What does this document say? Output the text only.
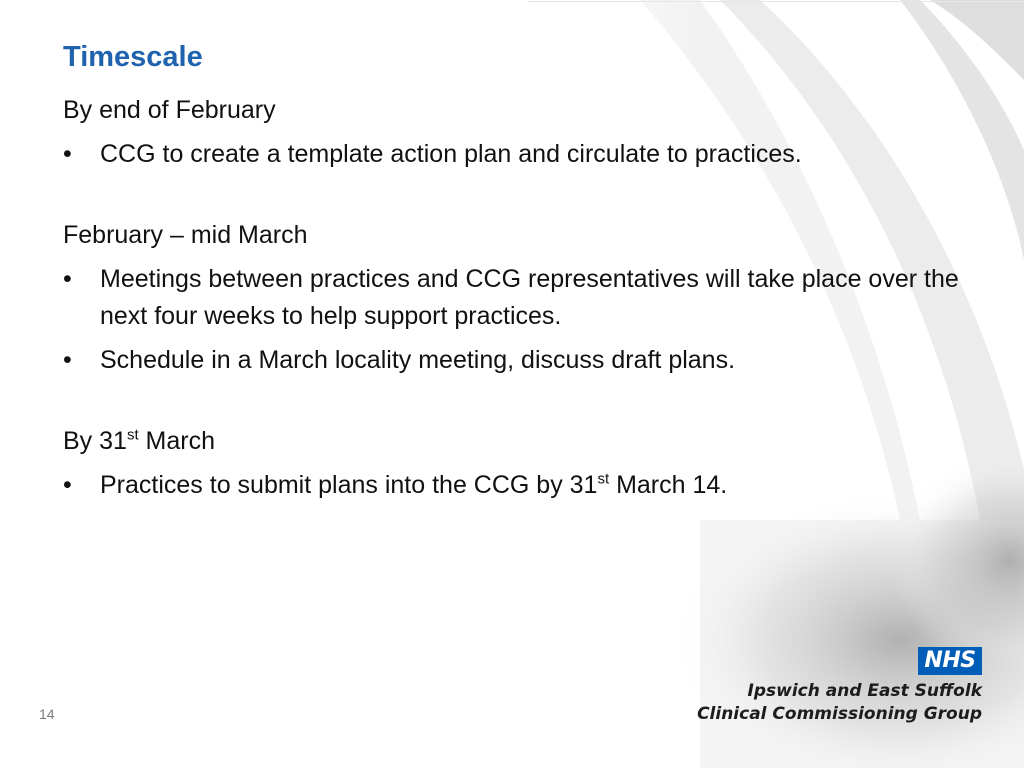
Timescale

By end of February

• CCG to create a template action plan and circulate to practices.

February – mid March

• Meetings between practices and CCG representatives will take place over the next four weeks to help support practices.
• Schedule in a March locality meeting, discuss draft plans.

By 31st March

• Practices to submit plans into the CCG by 31st March 14.
14
NHS
Ipswich and East Suffolk
Clinical Commissioning Group
